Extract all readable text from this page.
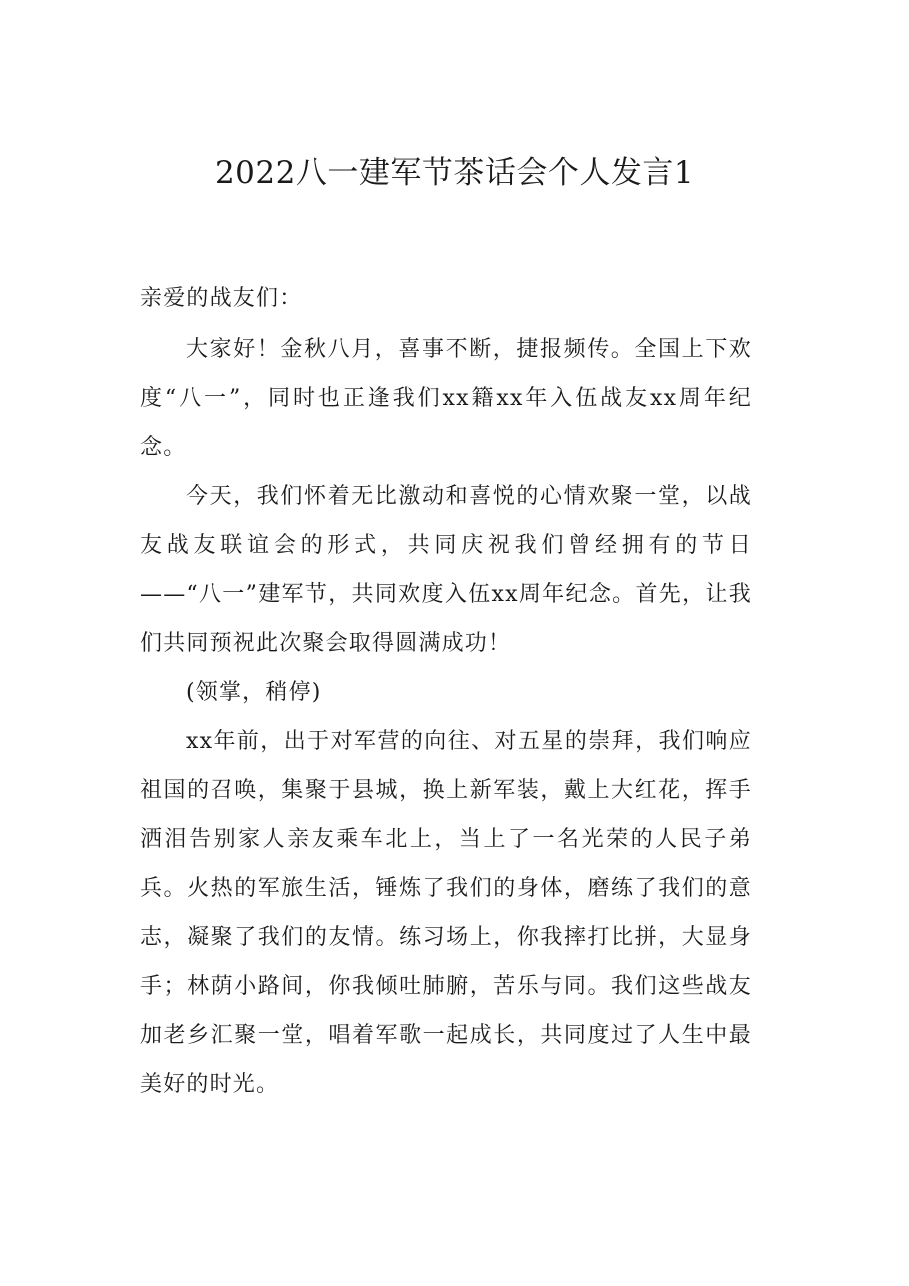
2022八一建军节茶话会个人发言1

亲爱的战友们：

大家好！金秋八月，喜事不断，捷报频传。全国上下欢度“八一”，同时也正逢我们xx籍xx年入伍战友xx周年纪念。

今天，我们怀着无比激动和喜悦的心情欢聚一堂，以战友战友联谊会的形式，共同庆祝我们曾经拥有的节日——“八一”建军节，共同欢度入伍xx周年纪念。首先，让我们共同预祝此次聚会取得圆满成功！

(领掌，稍停)

xx年前，出于对军营的向往、对五星的崇拜，我们响应祖国的召唤，集聚于县城，换上新军装，戴上大红花，挥手洒泪告别家人亲友乘车北上，当上了一名光荣的人民子弟兵。火热的军旅生活，锤炼了我们的身体，磨练了我们的意志，凝聚了我们的友情。练习场上，你我摔打比拼，大显身手；林荫小路间，你我倾吐肺腑，苦乐与同。我们这些战友加老乡汇聚一堂，唱着军歌一起成长，共同度过了人生中最美好的时光。
